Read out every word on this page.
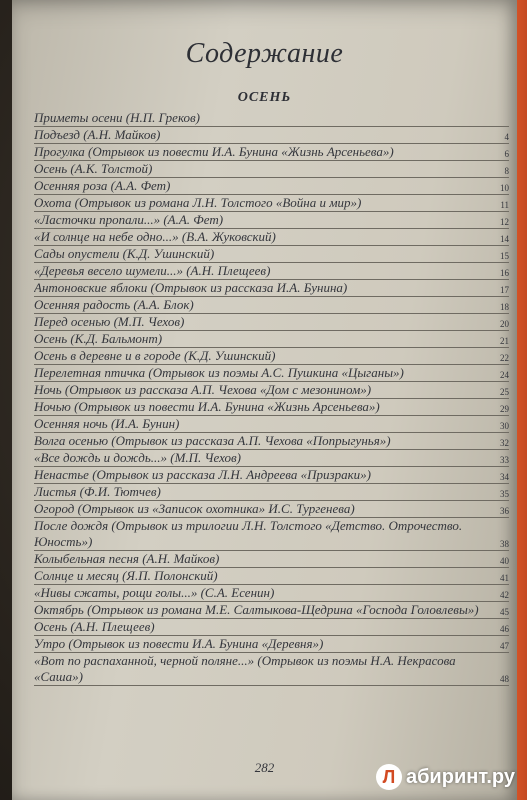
Содержание
ОСЕНЬ
Приметы осени (Н.П. Греков)
Подъезд (А.Н. Майков)	4
Прогулка (Отрывок из повести И.А. Бунина «Жизнь Арсеньева»)	6
Осень (А.К. Толстой)	8
Осенняя роза (А.А. Фет)	10
Охота (Отрывок из романа Л.Н. Толстого «Война и мир»)	11
«Ласточки пропали...» (А.А. Фет)	12
«И солнце на небе одно...» (В.А. Жуковский)	14
Сады опустели (К.Д. Ушинский)	15
«Деревья весело шумели...» (А.Н. Плещеев)	16
Антоновские яблоки (Отрывок из рассказа И.А. Бунина)	17
Осенняя радость (А.А. Блок)	18
Перед осенью (М.П. Чехов)	20
Осень (К.Д. Бальмонт)	21
Осень в деревне и в городе (К.Д. Ушинский)	22
Перелетная птичка (Отрывок из поэмы А.С. Пушкина «Цыганы»)	24
Ночь (Отрывок из рассказа А.П. Чехова «Дом с мезонином»)	25
Ночью (Отрывок из повести И.А. Бунина «Жизнь Арсеньева»)	29
Осенняя ночь (И.А. Бунин)	30
Волга осенью (Отрывок из рассказа А.П. Чехова «Попрыгунья»)	32
«Все дождь и дождь...» (М.П. Чехов)	33
Ненастье (Отрывок из рассказа Л.Н. Андреева «Призраки»)	34
Листья (Ф.И. Тютчев)	35
Огород (Отрывок из «Записок охотника» И.С. Тургенева)	36
После дождя (Отрывок из трилогии Л.Н. Толстого «Детство. Отрочество. Юность»)	38
Колыбельная песня (А.Н. Майков)	40
Солнце и месяц (Я.П. Полонский)	41
«Нивы сжаты, рощи голы...» (С.А. Есенин)	42
Октябрь (Отрывок из романа М.Е. Салтыкова-Щедрина «Господа Головлевы»)	45
Осень (А.Н. Плещеев)	46
Утро (Отрывок из повести И.А. Бунина «Деревня»)	47
«Вот по распаханной, черной поляне...» (Отрывок из поэмы Н.А. Некрасова «Саша»)	48
282	Л абиринт.ру
